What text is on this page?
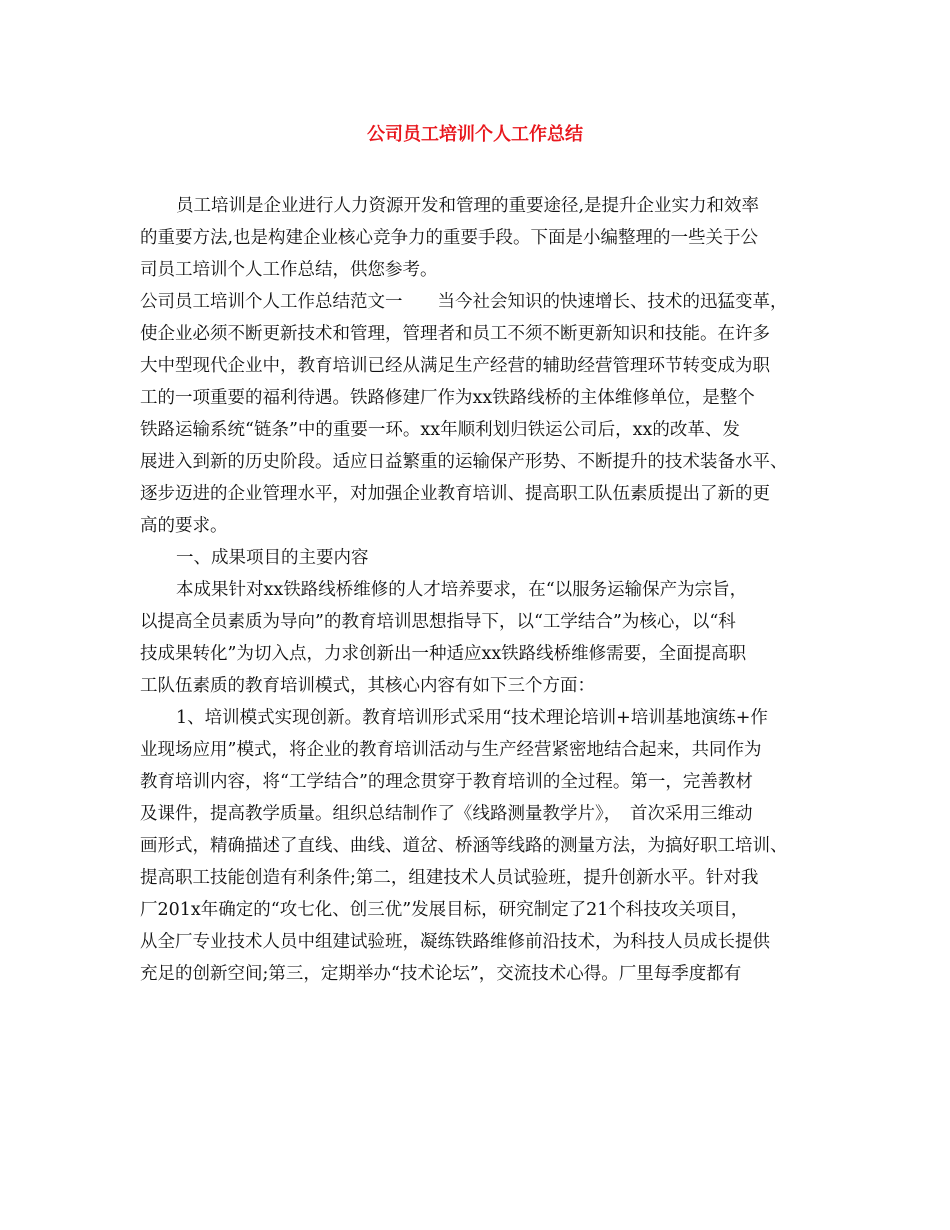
公司员工培训个人工作总结
员工培训是企业进行人力资源开发和管理的重要途径,是提升企业实力和效率
的重要方法,也是构建企业核心竞争力的重要手段。下面是小编整理的一些关于公
司员工培训个人工作总结，供您参考。
公司员工培训个人工作总结范文一　　当今社会知识的快速增长、技术的迅猛变革，
使企业必须不断更新技术和管理，管理者和员工不须不断更新知识和技能。在许多
大中型现代企业中，教育培训已经从满足生产经营的辅助经营管理环节转变成为职
工的一项重要的福利待遇。铁路修建厂作为xx铁路线桥的主体维修单位，是整个
铁路运输系统“链条”中的重要一环。xx年顺利划归铁运公司后，xx的改革、发
展进入到新的历史阶段。适应日益繁重的运输保产形势、不断提升的技术装备水平、
逐步迈进的企业管理水平，对加强企业教育培训、提高职工队伍素质提出了新的更
高的要求。
一、成果项目的主要内容
本成果针对xx铁路线桥维修的人才培养要求，在“以服务运输保产为宗旨，
以提高全员素质为导向”的教育培训思想指导下，以“工学结合”为核心，以“科
技成果转化”为切入点，力求创新出一种适应xx铁路线桥维修需要，全面提高职
工队伍素质的教育培训模式，其核心内容有如下三个方面：
1、培训模式实现创新。教育培训形式采用“技术理论培训+培训基地演练+作
业现场应用”模式，将企业的教育培训活动与生产经营紧密地结合起来，共同作为
教育培训内容，将“工学结合”的理念贯穿于教育培训的全过程。第一，完善教材
及课件，提高教学质量。组织总结制作了《线路测量教学片》，　首次采用三维动
画形式，精确描述了直线、曲线、道岔、桥涵等线路的测量方法，为搞好职工培训、
提高职工技能创造有利条件;第二，组建技术人员试验班，提升创新水平。针对我
厂201x年确定的“攻七化、创三优”发展目标，研究制定了21个科技攻关项目，
从全厂专业技术人员中组建试验班，凝练铁路维修前沿技术，为科技人员成长提供
充足的创新空间;第三，定期举办“技术论坛”，交流技术心得。厂里每季度都有
